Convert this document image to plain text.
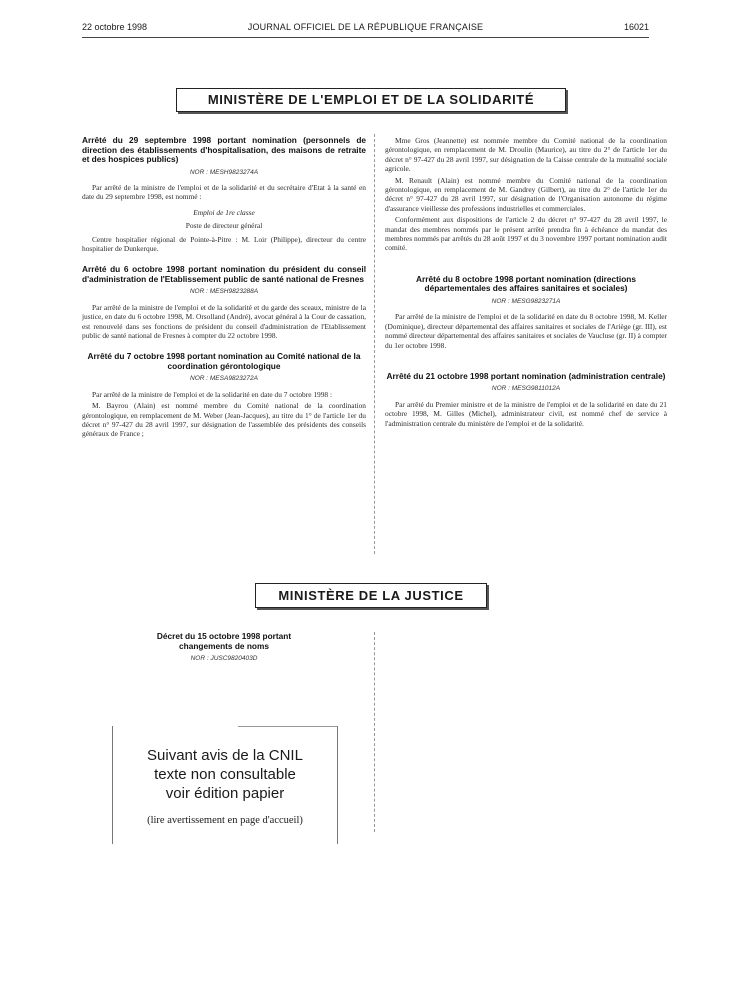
22 octobre 1998	JOURNAL OFFICIEL DE LA RÉPUBLIQUE FRANÇAISE	16021
MINISTÈRE DE L'EMPLOI ET DE LA SOLIDARITÉ
Arrêté du 29 septembre 1998 portant nomination (personnels de direction des établissements d'hospitalisation, des maisons de retraite et des hospices publics)
NOR : MESH9823274A

Par arrêté de la ministre de l'emploi et de la solidarité et du secrétaire d'Etat à la santé en date du 29 septembre 1998, est nommé :

Emploi de 1re classe

Poste de directeur général

Centre hospitalier régional de Pointe-à-Pitre : M. Loir (Philippe), directeur du centre hospitalier de Dunkerque.

Arrêté du 6 octobre 1998 portant nomination du président du conseil d'administration de l'Etablissement public de santé national de Fresnes
NOR : MESH9823288A

Par arrêté de la ministre de l'emploi et de la solidarité et du garde des sceaux, ministre de la justice, en date du 6 octobre 1998, M. Orsolland (André), avocat général à la Cour de cassation, est renouvelé dans ses fonctions de président du conseil d'administration de l'Etablissement public de santé national de Fresnes à compter du 22 octobre 1998.

Arrêté du 7 octobre 1998 portant nomination au Comité national de la coordination gérontologique
NOR : MESA9823272A

Par arrêté de la ministre de l'emploi et de la solidarité en date du 7 octobre 1998 :

M. Bayrou (Alain) est nommé membre du Comité national de la coordination gérontologique, en remplacement de M. Weber (Jean-Jacques), au titre du 1° de l'article 1er du décret n° 97-427 du 28 avril 1997, sur désignation de l'assemblée des présidents des conseils généraux de France ;

Mme Gros (Jeannette) est nommée membre du Comité national de la coordination gérontologique, en remplacement de M. Droulin (Maurice), au titre du 2° de l'article 1er du décret n° 97-427 du 28 avril 1997, sur désignation de la Caisse centrale de la mutualité sociale agricole.

M. Renault (Alain) est nommé membre du Comité national de la coordination gérontologique, en remplacement de M. Gandrey (Gilbert), au titre du 2° de l'article 1er du décret n° 97-427 du 28 avril 1997, sur désignation de l'Organisation autonome du régime d'assurance vieillesse des professions industrielles et commerciales.

Conformément aux dispositions de l'article 2 du décret n° 97-427 du 28 avril 1997, le mandat des membres nommés par le présent arrêté prendra fin à échéance du mandat des membres nommés par arrêtés du 28 août 1997 et du 3 novembre 1997 portant nomination audit comité.

Arrêté du 8 octobre 1998 portant nomination (directions départementales des affaires sanitaires et sociales)
NOR : MESG9823271A

Par arrêté de la ministre de l'emploi et de la solidarité en date du 8 octobre 1998, M. Keller (Dominique), directeur départemental des affaires sanitaires et sociales de l'Ariège (gr. III), est nommé directeur départemental des affaires sanitaires et sociales de Vaucluse (gr. II) à compter du 1er octobre 1998.

Arrêté du 21 octobre 1998 portant nomination (administration centrale)
NOR : MESG9811012A

Par arrêté du Premier ministre et de la ministre de l'emploi et de la solidarité en date du 21 octobre 1998, M. Gilles (Michel), administrateur civil, est nommé chef de service à l'administration centrale du ministère de l'emploi et de la solidarité.

MINISTÈRE DE LA JUSTICE
Décret du 15 octobre 1998 portant changements de noms
NOR : JUSC9820403D
Suivant avis de la CNIL
texte non consultable
voir édition papier
(lire avertissement en page d'accueil)
